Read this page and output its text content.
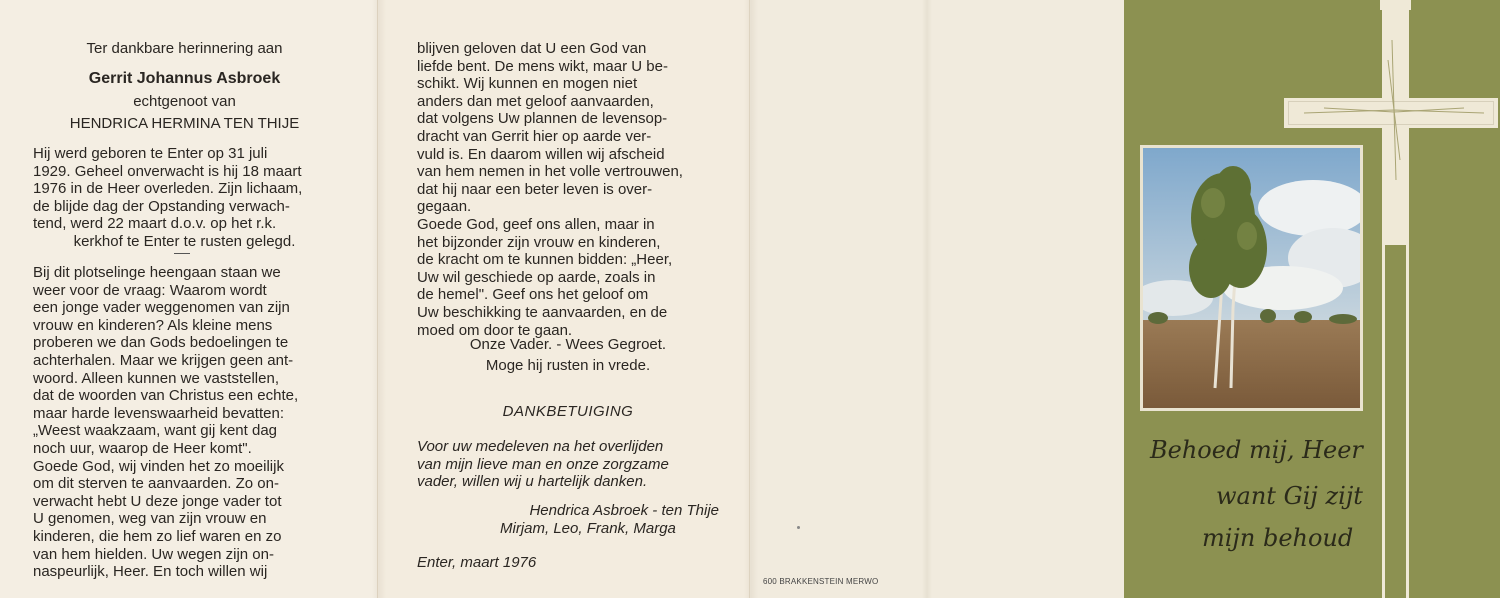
Ter dankbare herinnering aan
Gerrit Johannus Asbroek
echtgenoot van
HENDRICA HERMINA TEN THIJE
Hij werd geboren te Enter op 31 juli
1929. Geheel onverwacht is hij 18 maart
1976 in de Heer overleden. Zijn lichaam,
de blijde dag der Opstanding verwach-
tend, werd 22 maart d.o.v. op het r.k.
kerkhof te Enter te rusten gelegd.
Bij dit plotselinge heengaan staan we
weer voor de vraag: Waarom wordt
een jonge vader weggenomen van zijn
vrouw en kinderen? Als kleine mens
proberen we dan Gods bedoelingen te
achterhalen. Maar we krijgen geen ant-
woord. Alleen kunnen we vaststellen,
dat de woorden van Christus een echte,
maar harde levenswaarheid bevatten:
„Weest waakzaam, want gij kent dag
noch uur, waarop de Heer komt".
Goede God, wij vinden het zo moeilijk
om dit sterven te aanvaarden. Zo on-
verwacht hebt U deze jonge vader tot
U genomen, weg van zijn vrouw en
kinderen, die hem zo lief waren en zo
van hem hielden. Uw wegen zijn on-
naspeurlijk, Heer. En toch willen wij
blijven geloven dat U een God van
liefde bent. De mens wikt, maar U be-
schikt. Wij kunnen en mogen niet
anders dan met geloof aanvaarden,
dat volgens Uw plannen de levensop-
dracht van Gerrit hier op aarde ver-
vuld is. En daarom willen wij afscheid
van hem nemen in het volle vertrouwen,
dat hij naar een beter leven is over-
gegaan.
Goede God, geef ons allen, maar in
het bijzonder zijn vrouw en kinderen,
de kracht om te kunnen bidden: „Heer,
Uw wil geschiede op aarde, zoals in
de hemel". Geef ons het geloof om
Uw beschikking te aanvaarden, en de
moed om door te gaan.
Onze Vader. - Wees Gegroet.
Moge hij rusten in vrede.
DANKBETUIGING
Voor uw medeleven na het overlijden
van mijn lieve man en onze zorgzame
vader, willen wij u hartelijk danken.
Hendrica Asbroek - ten Thije
Mirjam, Leo, Frank, Marga
Enter, maart 1976
600 BRAKKENSTEIN MERWO
Behoed mij, Heer
want Gij zijt
mijn behoud
